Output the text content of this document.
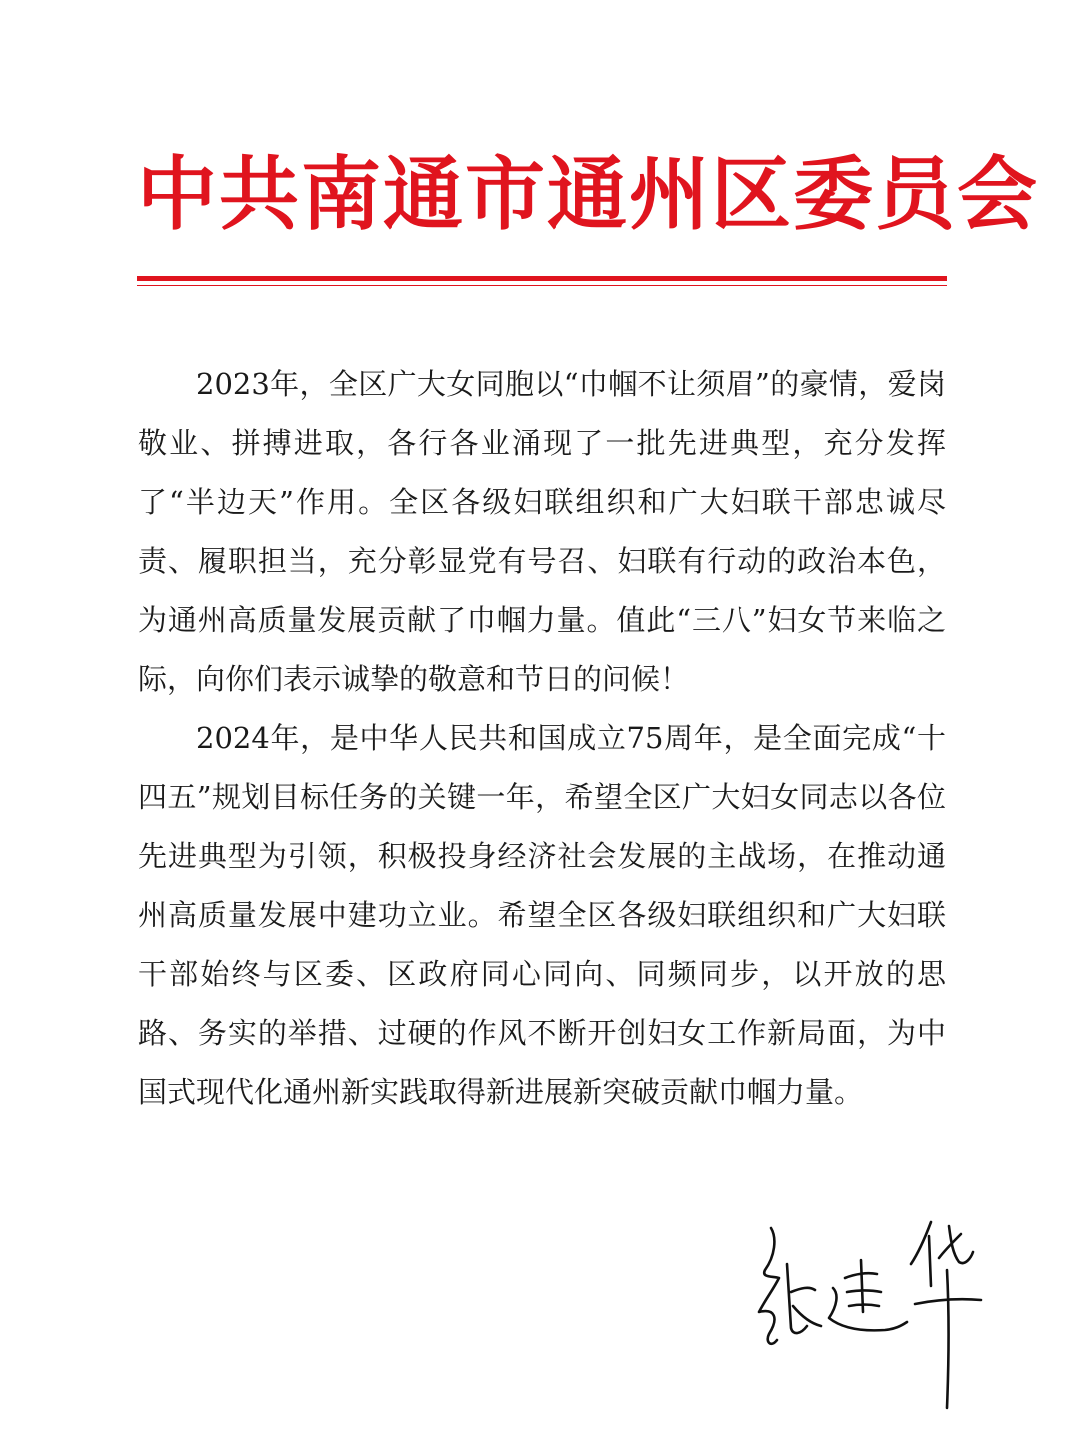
中共南通市通州区委员会

2023年，全区广大女同胞以“巾帼不让须眉”的豪情，爱岗敬业、拼搏进取，各行各业涌现了一批先进典型，充分发挥了“半边天”作用。全区各级妇联组织和广大妇联干部忠诚尽责、履职担当，充分彰显党有号召、妇联有行动的政治本色，为通州高质量发展贡献了巾帼力量。值此“三八”妇女节来临之际，向你们表示诚挚的敬意和节日的问候！

2024年，是中华人民共和国成立75周年，是全面完成“十四五”规划目标任务的关键一年，希望全区广大妇女同志以各位先进典型为引领，积极投身经济社会发展的主战场，在推动通州高质量发展中建功立业。希望全区各级妇联组织和广大妇联干部始终与区委、区政府同心同向、同频同步，以开放的思路、务实的举措、过硬的作风不断开创妇女工作新局面，为中国式现代化通州新实践取得新进展新突破贡献巾帼力量。
